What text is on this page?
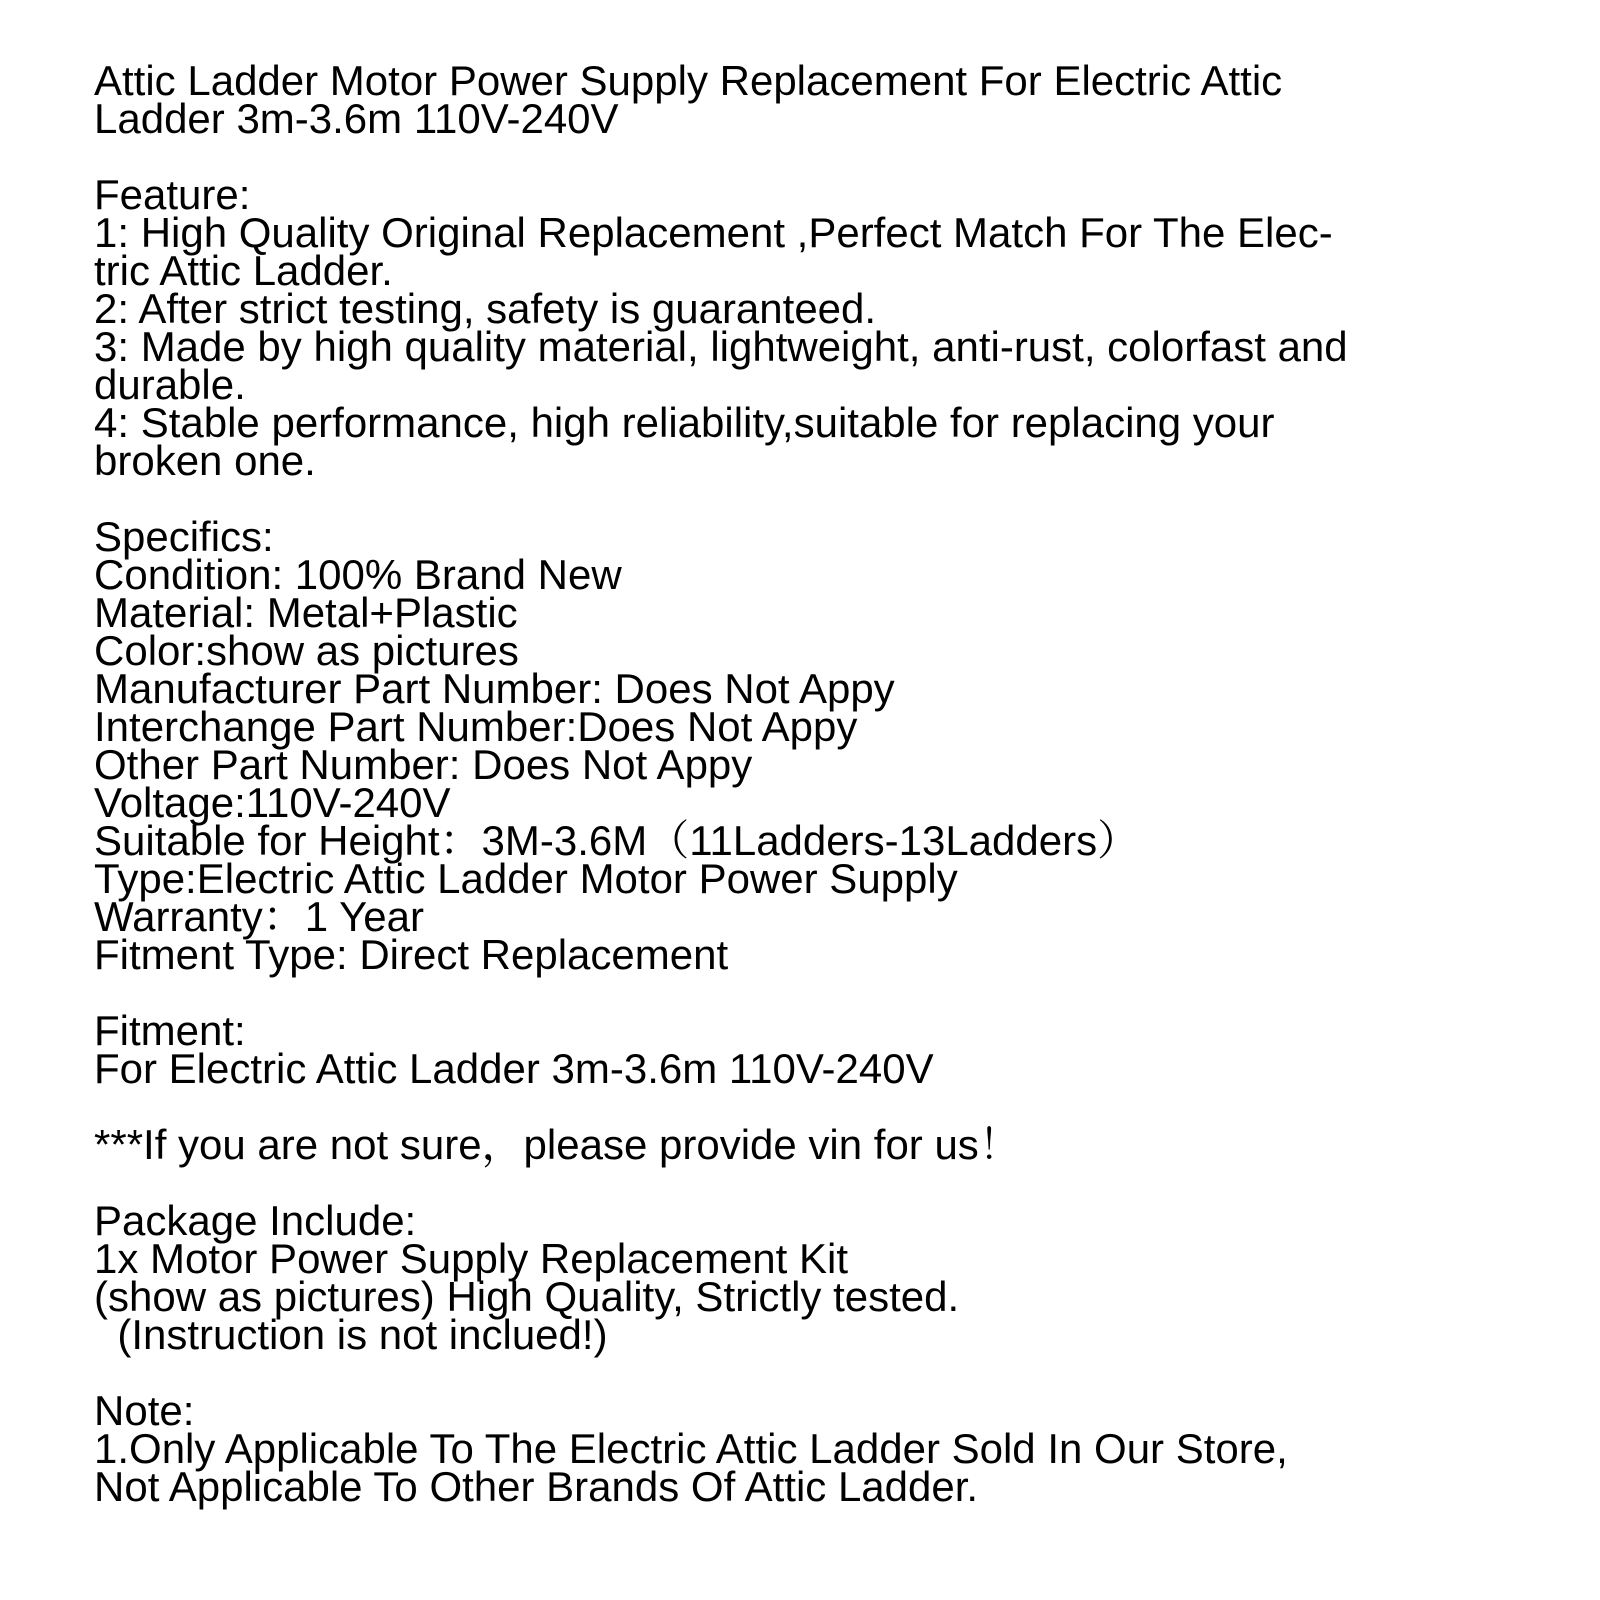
Attic Ladder Motor Power Supply Replacement For Electric Attic
Ladder 3m-3.6m 110V-240V
Feature:
1: High Quality Original Replacement ,Perfect Match For The Elec-
tric Attic Ladder.
2: After strict testing, safety is guaranteed.
3: Made by high quality material, lightweight, anti-rust, colorfast and
durable.
4: Stable performance, high reliability,suitable for replacing your
broken one.
Specifics:
Condition: 100% Brand New
Material: Metal+Plastic
Color:show as pictures
Manufacturer Part Number: Does Not Appy
Interchange Part Number:Does Not Appy
Other Part Number: Does Not Appy
Voltage:110V-240V
Suitable for Height：3M-3.6M（11Ladders-13Ladders）
Type:Electric Attic Ladder Motor Power Supply
Warranty：1 Year
Fitment Type: Direct Replacement
Fitment:
For Electric Attic Ladder 3m-3.6m 110V-240V
***If you are not sure，please provide vin for us！
Package Include:
1x Motor Power Supply Replacement Kit
(show as pictures) High Quality, Strictly tested.
(Instruction is not inclued!)
Note:
1.Only Applicable To The Electric Attic Ladder Sold In Our Store,
Not Applicable To Other Brands Of Attic Ladder.
